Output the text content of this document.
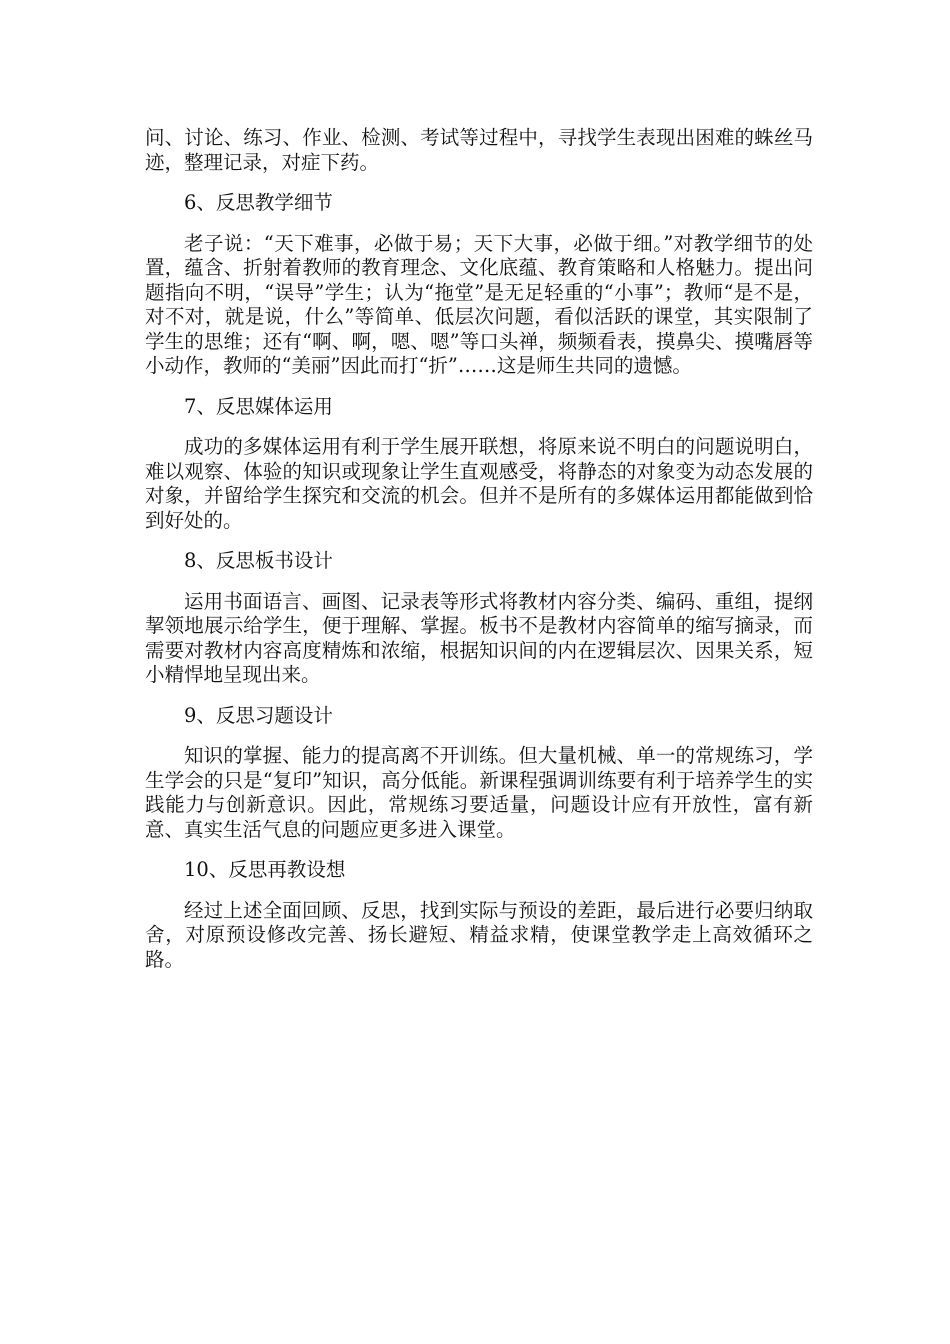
问、讨论、练习、作业、检测、考试等过程中，寻找学生表现出困难的蛛丝马迹，整理记录，对症下药。

6、反思教学细节

老子说：“天下难事，必做于易；天下大事，必做于细。”对教学细节的处置，蕴含、折射着教师的教育理念、文化底蕴、教育策略和人格魅力。提出问题指向不明，“误导”学生；认为“拖堂”是无足轻重的“小事”；教师“是不是，对不对，就是说，什么”等简单、低层次问题，看似活跃的课堂，其实限制了学生的思维；还有“啊、啊，嗯、嗯”等口头禅，频频看表，摸鼻尖、摸嘴唇等小动作，教师的“美丽”因此而打“折”……这是师生共同的遗憾。

7、反思媒体运用

成功的多媒体运用有利于学生展开联想，将原来说不明白的问题说明白，难以观察、体验的知识或现象让学生直观感受，将静态的对象变为动态发展的对象，并留给学生探究和交流的机会。但并不是所有的多媒体运用都能做到恰到好处的。

8、反思板书设计

运用书面语言、画图、记录表等形式将教材内容分类、编码、重组，提纲挈领地展示给学生，便于理解、掌握。板书不是教材内容简单的缩写摘录，而需要对教材内容高度精炼和浓缩，根据知识间的内在逻辑层次、因果关系，短小精悍地呈现出来。

9、反思习题设计

知识的掌握、能力的提高离不开训练。但大量机械、单一的常规练习，学生学会的只是“复印”知识，高分低能。新课程强调训练要有利于培养学生的实践能力与创新意识。因此，常规练习要适量，问题设计应有开放性，富有新意、真实生活气息的问题应更多进入课堂。

10、反思再教设想

经过上述全面回顾、反思，找到实际与预设的差距，最后进行必要归纳取舍，对原预设修改完善、扬长避短、精益求精，使课堂教学走上高效循环之路。
